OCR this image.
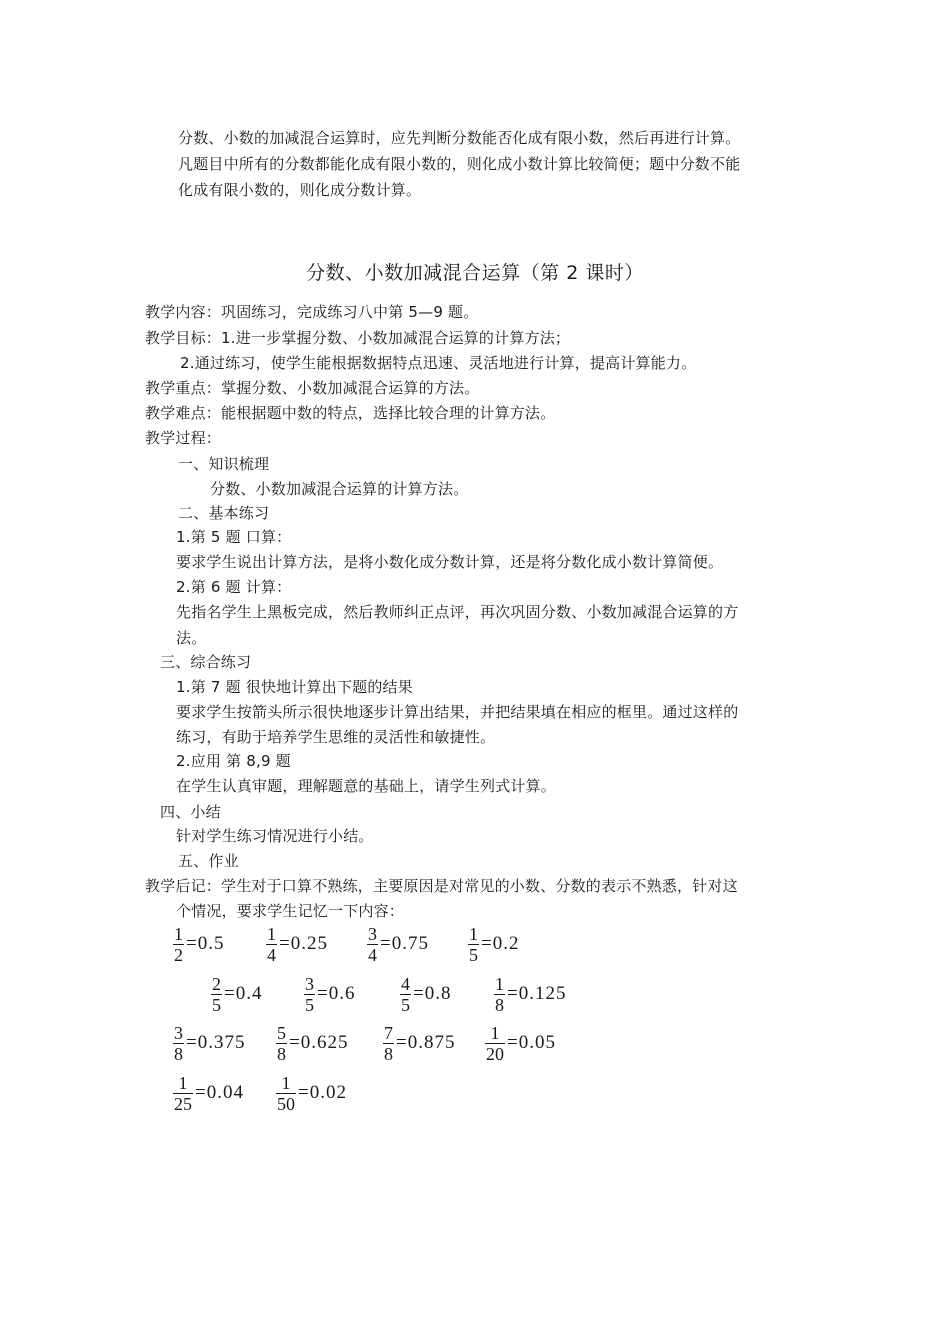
分数、小数的加减混合运算时，应先判断分数能否化成有限小数，然后再进行计算。
凡题目中所有的分数都能化成有限小数的，则化成小数计算比较简便；题中分数不能
化成有限小数的，则化成分数计算。
分数、小数加减混合运算（第 2 课时）
教学内容：巩固练习，完成练习八中第 5—9 题。
教学目标：1.进一步掌握分数、小数加减混合运算的计算方法；
2.通过练习，使学生能根据数据特点迅速、灵活地进行计算，提高计算能力。
教学重点：掌握分数、小数加减混合运算的方法。
教学难点：能根据题中数的特点，选择比较合理的计算方法。
教学过程：
一、知识梳理
分数、小数加减混合运算的计算方法。
二、基本练习
1.第 5 题 口算：
要求学生说出计算方法，是将小数化成分数计算，还是将分数化成小数计算简便。
2.第 6 题 计算：
先指名学生上黑板完成，然后教师纠正点评，再次巩固分数、小数加减混合运算的方
法。
三、综合练习
1.第 7 题 很快地计算出下题的结果
要求学生按箭头所示很快地逐步计算出结果，并把结果填在相应的框里。通过这样的
练习，有助于培养学生思维的灵活性和敏捷性。
2.应用 第 8,9 题
在学生认真审题，理解题意的基础上，请学生列式计算。
四、小结
针对学生练习情况进行小结。
五、作业
教学后记：学生对于口算不熟练，主要原因是对常见的小数、分数的表示不熟悉，针对这
个情况，要求学生记忆一下内容：
$\frac{1}{2} =0.5 \frac{1}{4} =0.25 \frac{3}{4} =0.75 \frac{1}{5} =0.2$
$\frac{2}{5} =0.4 \frac{3}{5} =0.6 \frac{4}{5} =0.8 \frac{1}{8} =0.125$
$\frac{3}{8} =0.375 \frac{5}{8} =0.625 \frac{7}{8} =0.875 \frac{1}{20} =0.05$
$\frac{1}{25} =0.04 \frac{1}{50} =0.02$
